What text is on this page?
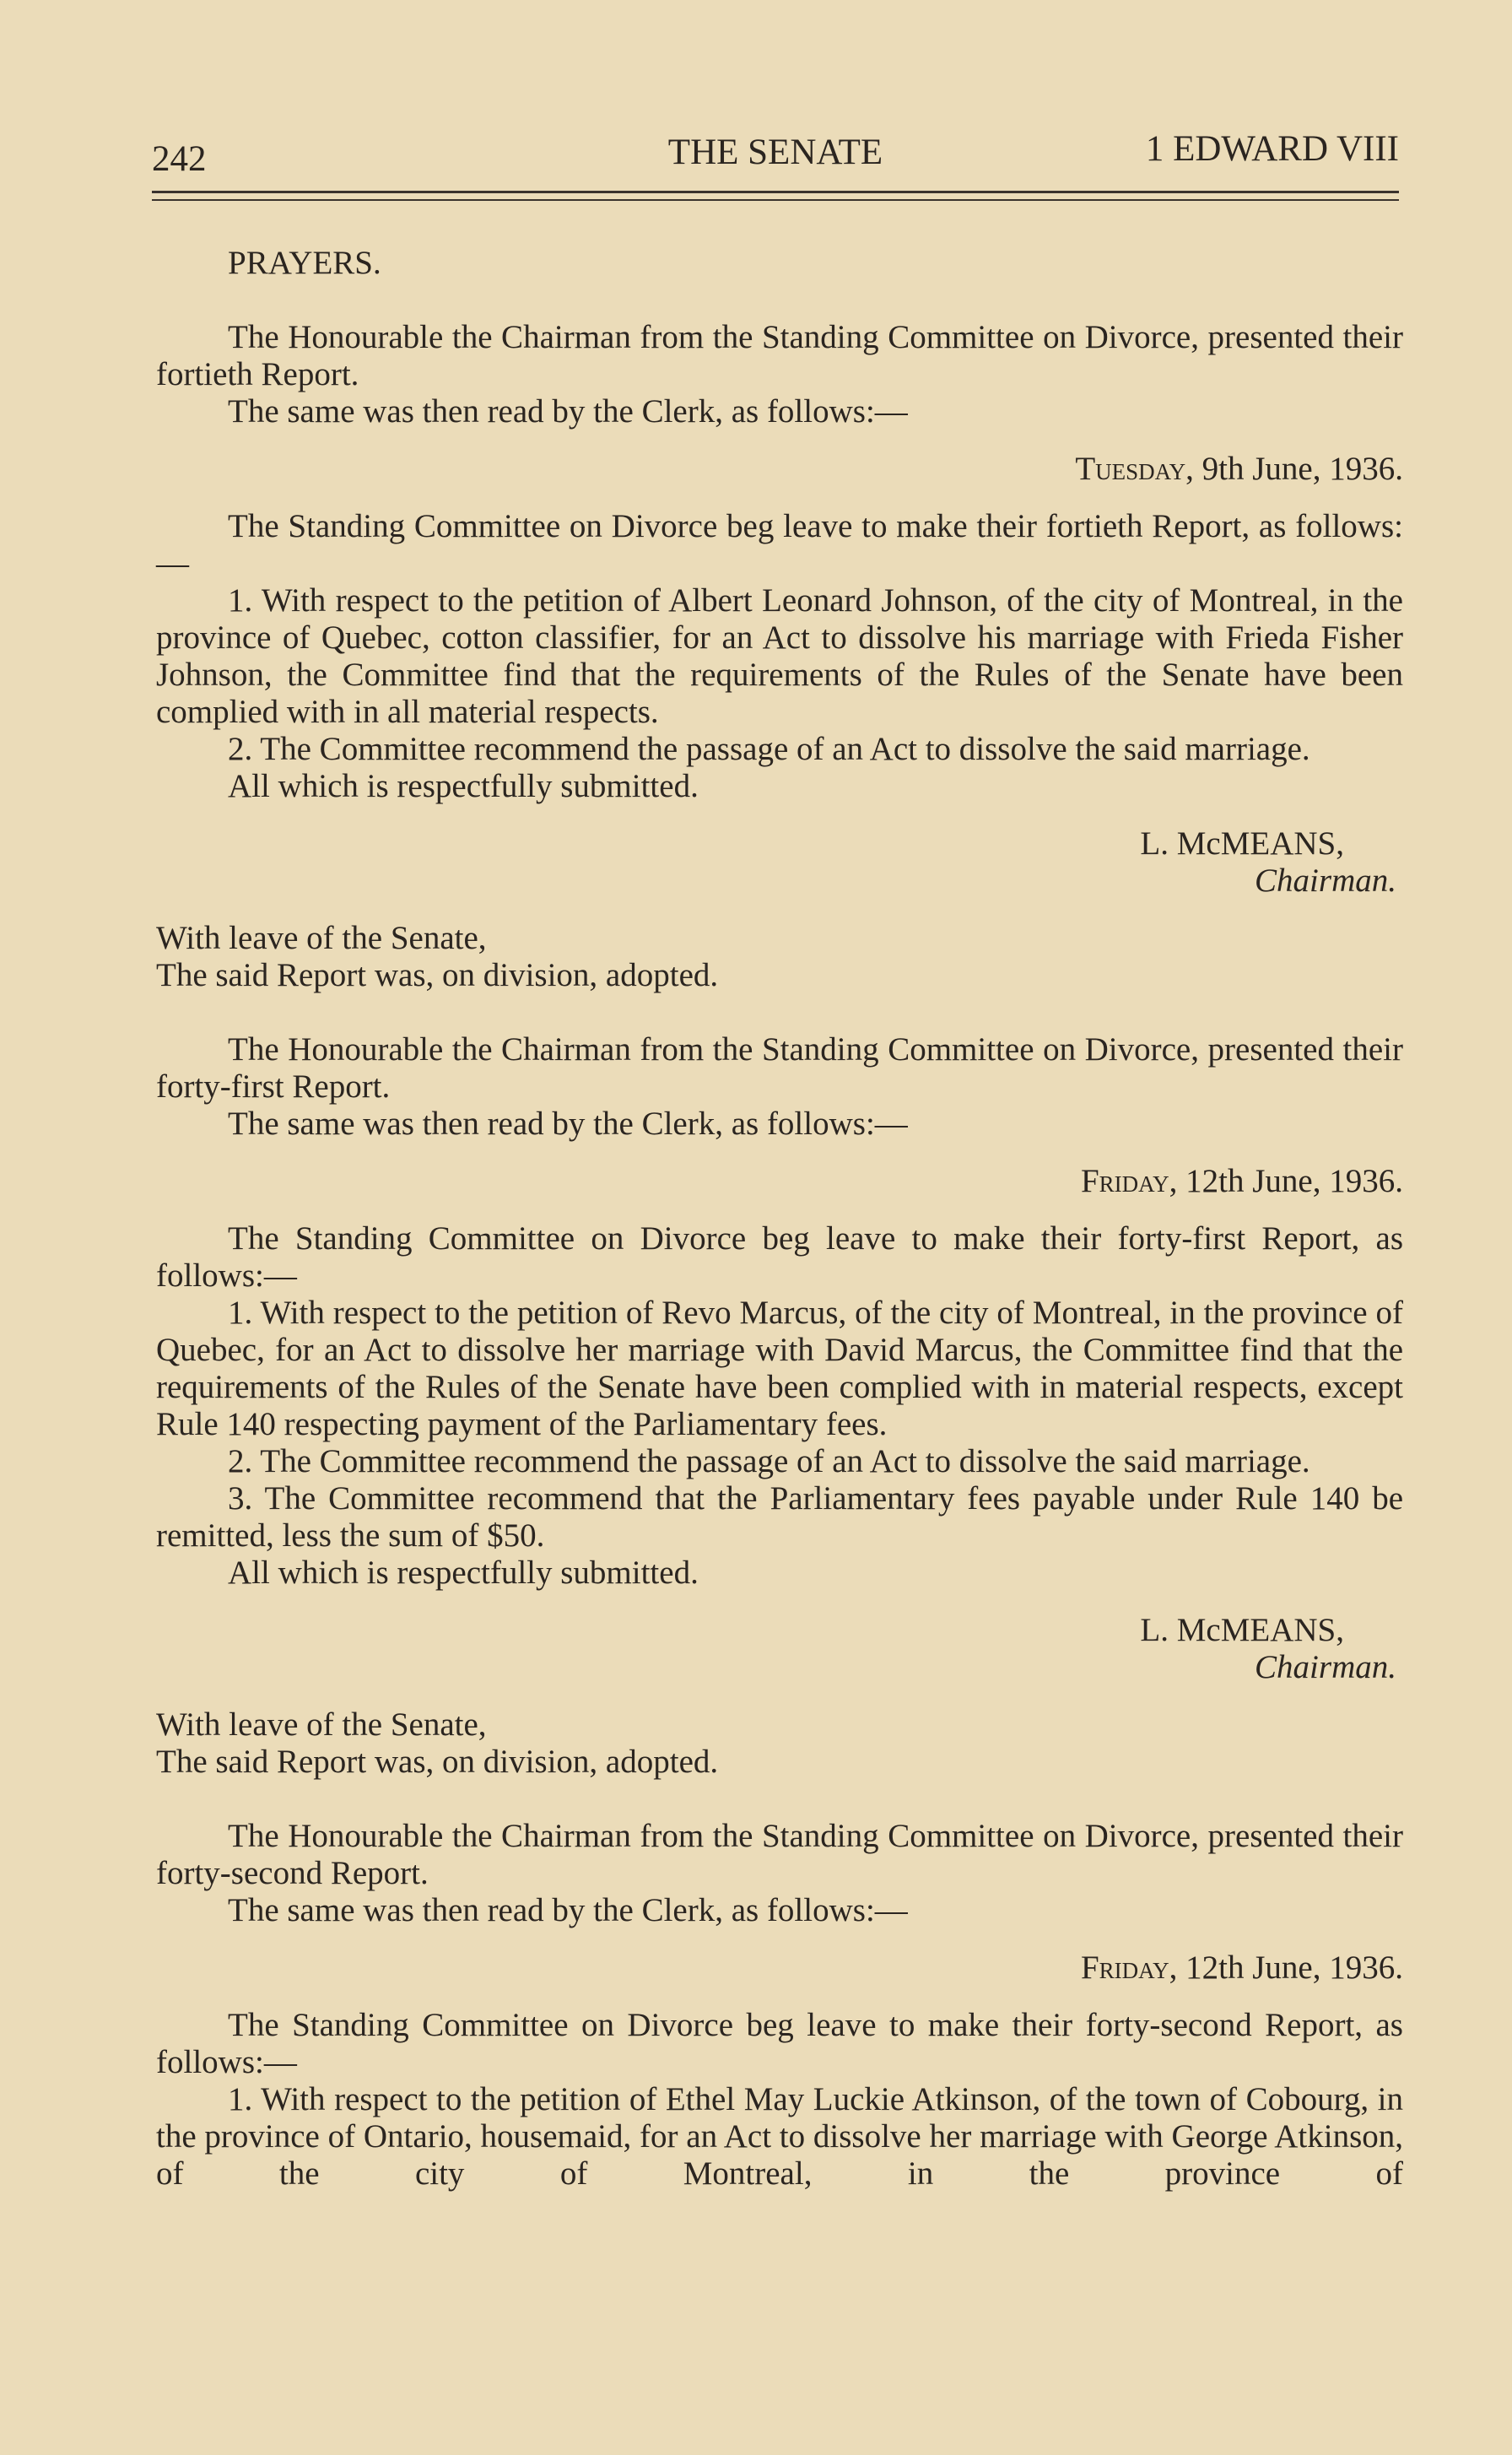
242	THE SENATE	1 EDWARD VIII

PRAYERS.

The Honourable the Chairman from the Standing Committee on Divorce, presented their fortieth Report.

The same was then read by the Clerk, as follows:—

Tuesday, 9th June, 1936.

The Standing Committee on Divorce beg leave to make their fortieth Report, as follows:—

1. With respect to the petition of Albert Leonard Johnson, of the city of Montreal, in the province of Quebec, cotton classifier, for an Act to dissolve his marriage with Frieda Fisher Johnson, the Committee find that the requirements of the Rules of the Senate have been complied with in all material respects.

2. The Committee recommend the passage of an Act to dissolve the said marriage.

All which is respectfully submitted.

L. McMEANS,

Chairman.

With leave of the Senate,

The said Report was, on division, adopted.

The Honourable the Chairman from the Standing Committee on Divorce, presented their forty-first Report.

The same was then read by the Clerk, as follows:—

Friday, 12th June, 1936.

The Standing Committee on Divorce beg leave to make their forty-first Report, as follows:—

1. With respect to the petition of Revo Marcus, of the city of Montreal, in the province of Quebec, for an Act to dissolve her marriage with David Marcus, the Committee find that the requirements of the Rules of the Senate have been complied with in material respects, except Rule 140 respecting payment of the Parliamentary fees.

2. The Committee recommend the passage of an Act to dissolve the said marriage.

3. The Committee recommend that the Parliamentary fees payable under Rule 140 be remitted, less the sum of $50.

All which is respectfully submitted.

L. McMEANS,

Chairman.

With leave of the Senate,

The said Report was, on division, adopted.

The Honourable the Chairman from the Standing Committee on Divorce, presented their forty-second Report.

The same was then read by the Clerk, as follows:—

Friday, 12th June, 1936.

The Standing Committee on Divorce beg leave to make their forty-second Report, as follows:—

1. With respect to the petition of Ethel May Luckie Atkinson, of the town of Cobourg, in the province of Ontario, housemaid, for an Act to dissolve her marriage with George Atkinson, of the city of Montreal, in the province of
